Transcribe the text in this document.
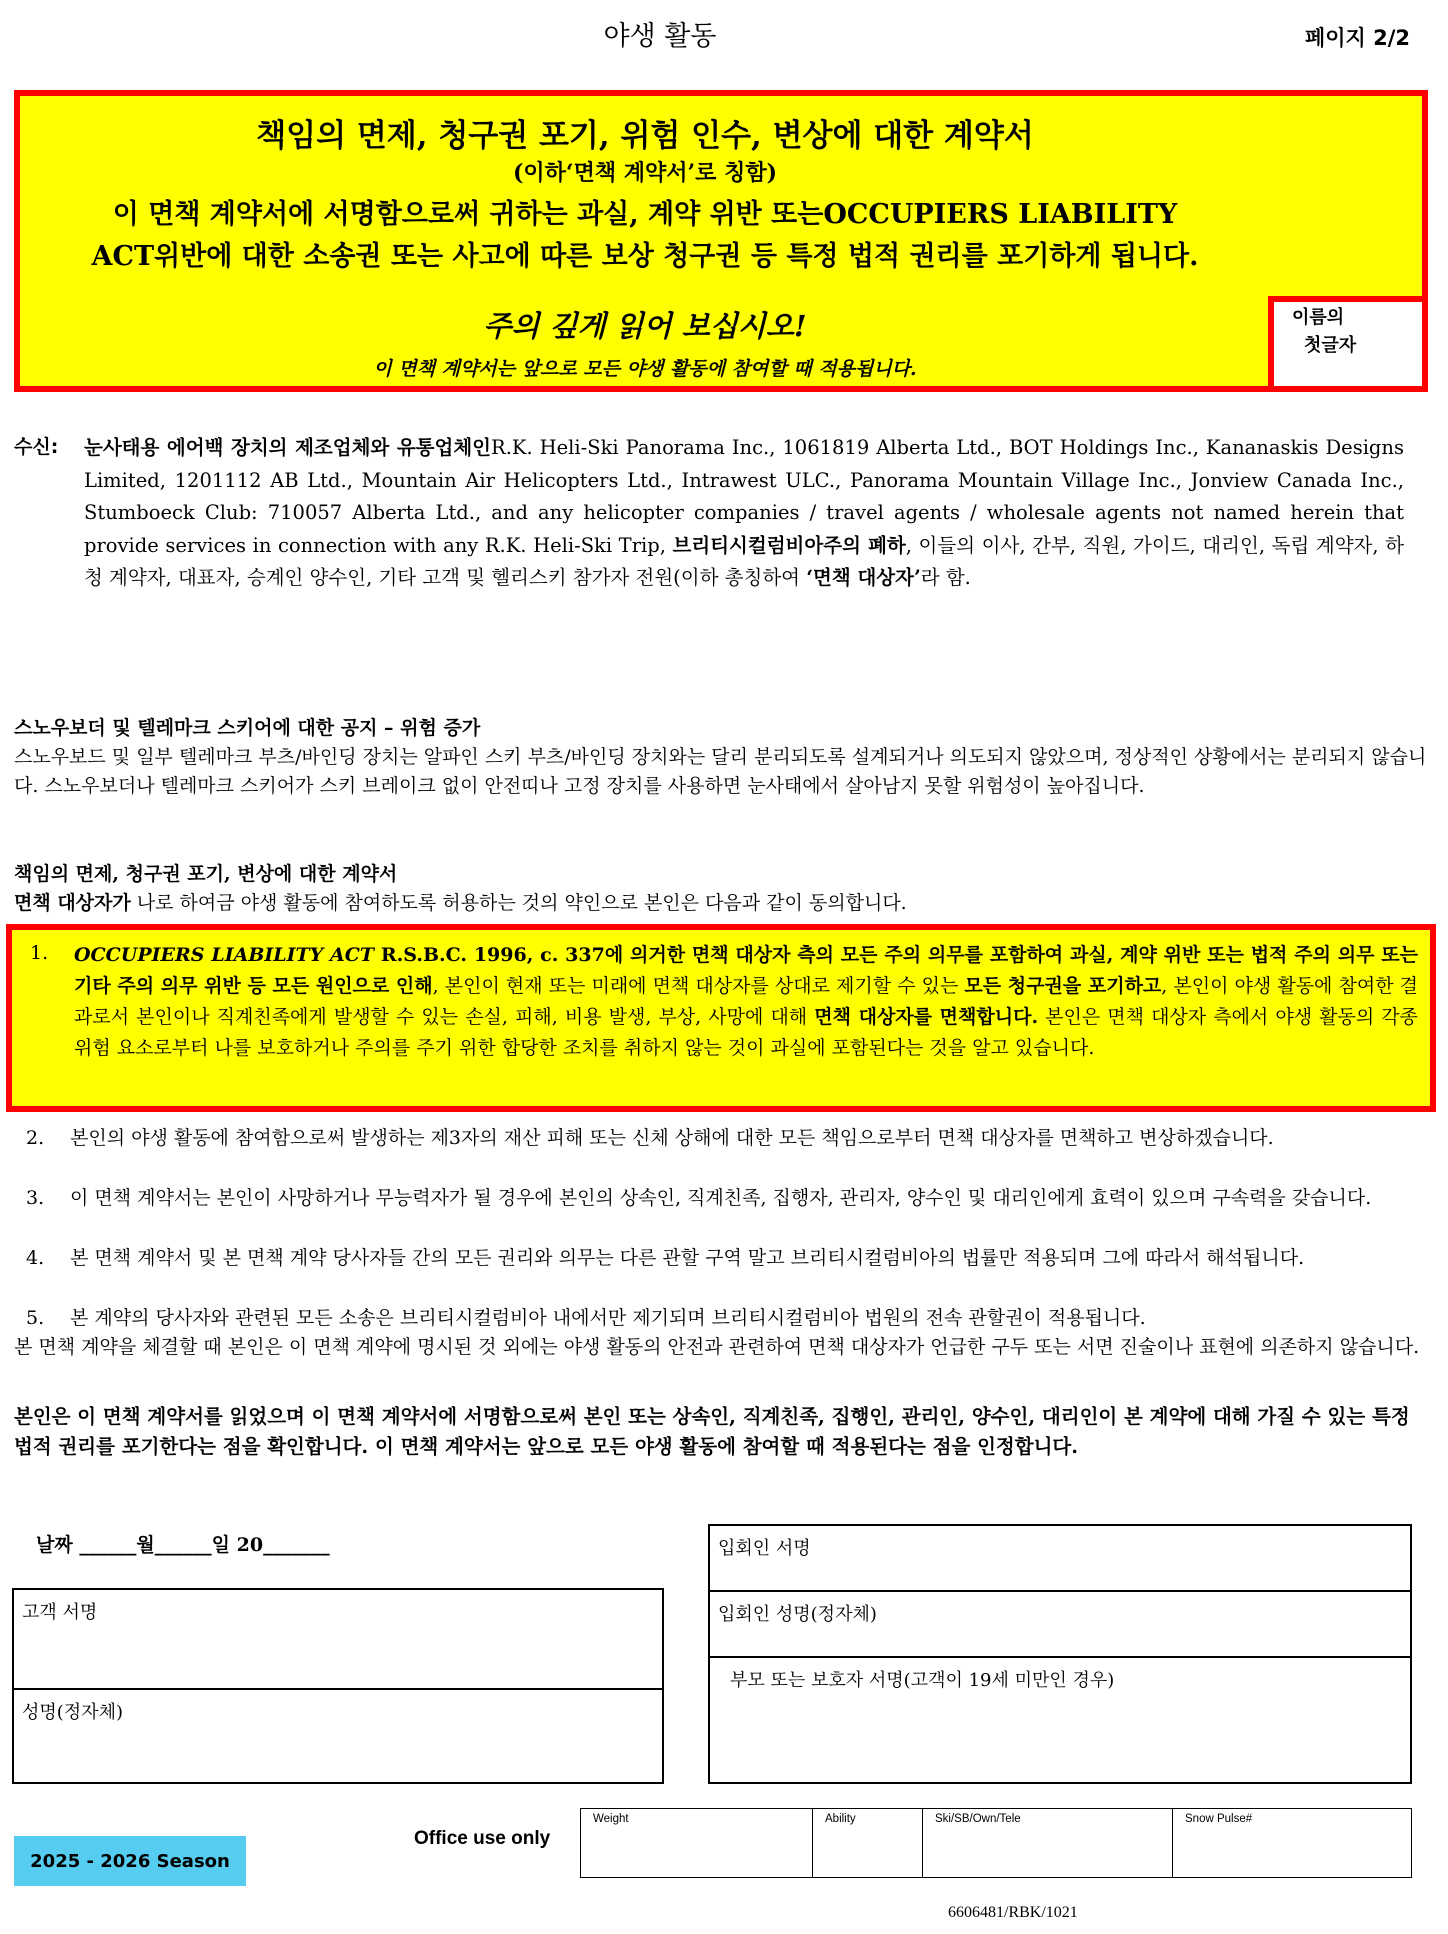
야생 활동	페이지 2/2
책임의 면제, 청구권 포기, 위험 인수, 변상에 대한 계약서
(이하‘면책 계약서’로 칭함)
이 면책 계약서에 서명함으로써 귀하는 과실, 계약 위반 또는OCCUPIERS LIABILITY
ACT위반에 대한 소송권 또는 사고에 따른 보상 청구권 등 특정 법적 권리를 포기하게 됩니다.
주의 깊게 읽어 보십시오!
이 면책 계약서는 앞으로 모든 야생 활동에 참여할 때 적용됩니다.
이름의
첫글자
수신: 눈사태용 에어백 장치의 제조업체와 유통업체인R.K. Heli-Ski Panorama Inc., 1061819 Alberta Ltd., BOT Holdings Inc., Kananaskis Designs Limited, 1201112 AB Ltd., Mountain Air Helicopters Ltd., Intrawest ULC., Panorama Mountain Village Inc., Jonview Canada Inc., Stumboeck Club: 710057 Alberta Ltd., and any helicopter companies / travel agents / wholesale agents not named herein that provide services in connection with any R.K. Heli-Ski Trip, 브리티시컬럼비아주의 폐하, 이들의 이사, 간부, 직원, 가이드, 대리인, 독립 계약자, 하청 계약자, 대표자, 승계인 양수인, 기타 고객 및 헬리스키 참가자 전원(이하 총칭하여 ‘면책 대상자’라 함.
스노우보더 및 텔레마크 스키어에 대한 공지 – 위험 증가
스노우보드 및 일부 텔레마크 부츠/바인딩 장치는 알파인 스키 부츠/바인딩 장치와는 달리 분리되도록 설계되거나 의도되지 않았으며, 정상적인 상황에서는 분리되지 않습니다. 스노우보더나 텔레마크 스키어가 스키 브레이크 없이 안전띠나 고정 장치를 사용하면 눈사태에서 살아남지 못할 위험성이 높아집니다.
책임의 면제, 청구권 포기, 변상에 대한 계약서
면책 대상자가 나로 하여금 야생 활동에 참여하도록 허용하는 것의 약인으로 본인은 다음과 같이 동의합니다.
1. OCCUPIERS LIABILITY ACT R.S.B.C. 1996, c. 337에 의거한 면책 대상자 측의 모든 주의 의무를 포함하여 과실, 계약 위반 또는 법적 주의 의무 또는 기타 주의 의무 위반 등 모든 원인으로 인해, 본인이 현재 또는 미래에 면책 대상자를 상대로 제기할 수 있는 모든 청구권을 포기하고, 본인이 야생 활동에 참여한 결과로서 본인이나 직계친족에게 발생할 수 있는 손실, 피해, 비용 발생, 부상, 사망에 대해 면책 대상자를 면책합니다. 본인은 면책 대상자 측에서 야생 활동의 각종 위험 요소로부터 나를 보호하거나 주의를 주기 위한 합당한 조치를 취하지 않는 것이 과실에 포함된다는 것을 알고 있습니다.
2. 본인의 야생 활동에 참여함으로써 발생하는 제3자의 재산 피해 또는 신체 상해에 대한 모든 책임으로부터 면책 대상자를 면책하고 변상하겠습니다.
3. 이 면책 계약서는 본인이 사망하거나 무능력자가 될 경우에 본인의 상속인, 직계친족, 집행자, 관리자, 양수인 및 대리인에게 효력이 있으며 구속력을 갖습니다.
4. 본 면책 계약서 및 본 면책 계약 당사자들 간의 모든 권리와 의무는 다른 관할 구역 말고 브리티시컬럼비아의 법률만 적용되며 그에 따라서 해석됩니다.
5. 본 계약의 당사자와 관련된 모든 소송은 브리티시컬럼비아 내에서만 제기되며 브리티시컬럼비아 법원의 전속 관할권이 적용됩니다.
본 면책 계약을 체결할 때 본인은 이 면책 계약에 명시된 것 외에는 야생 활동의 안전과 관련하여 면책 대상자가 언급한 구두 또는 서면 진술이나 표현에 의존하지 않습니다.
본인은 이 면책 계약서를 읽었으며 이 면책 계약서에 서명함으로써 본인 또는 상속인, 직계친족, 집행인, 관리인, 양수인, 대리인이 본 계약에 대해 가질 수 있는 특정 법적 권리를 포기한다는 점을 확인합니다. 이 면책 계약서는 앞으로 모든 야생 활동에 참여할 때 적용된다는 점을 인정합니다.
날짜 ______월______일 20_______
고객 서명
성명(정자체)
입회인 서명
입회인 성명(정자체)
부모 또는 보호자 서명(고객이 19세 미만인 경우)
2025 - 2026 Season
Office use only
Weight	Ability	Ski/SB/Own/Tele	Snow Pulse#
6606481/RBK/1021
